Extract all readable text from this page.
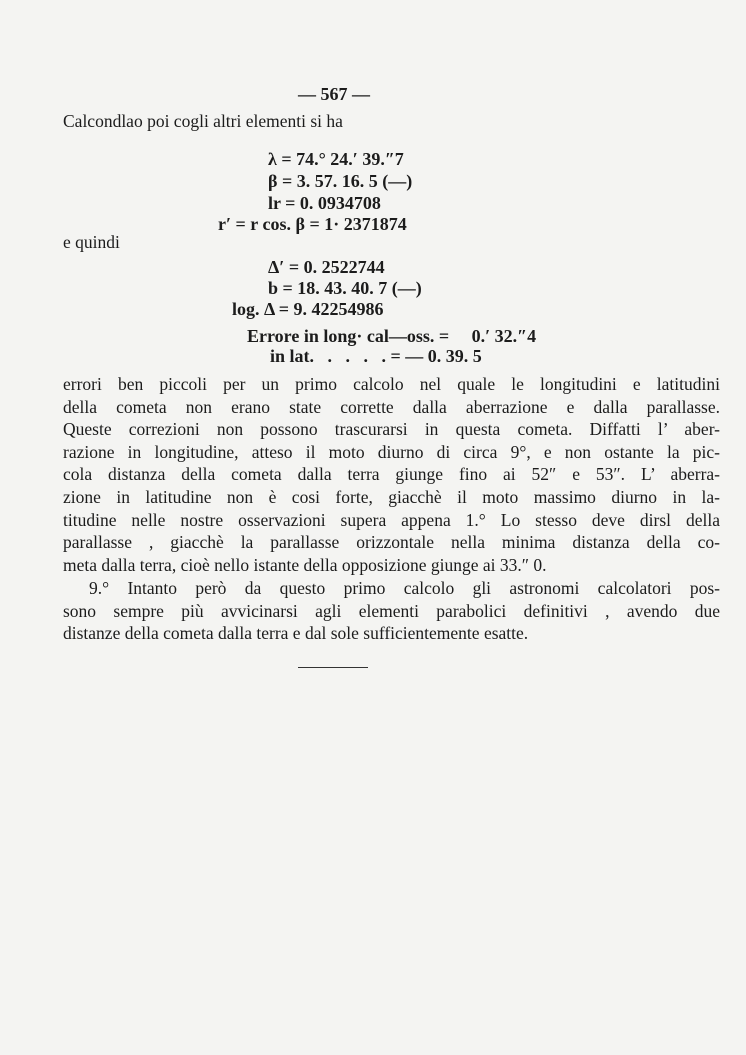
— 567 —
Calcondlao poi cogli altri elementi si ha
λ = 74.° 24.′ 39.″7
β = 3. 57. 16. 5 (—)
lr = 0. 0934708
r′ = r cos. β = 1· 2371874
e quindi
Δ′ = 0. 2522744
b = 18. 43. 40. 7 (—)
log. Δ = 9. 42254986
Errore in long· cal—oss. =     0.′ 32.″4
in lat.   .   .   .   . = — 0. 39. 5
errori ben piccoli per un primo calcolo nel quale le longitudini e latitudini
della cometa non erano state corrette dalla aberrazione e dalla parallasse.
Queste correzioni non possono trascurarsi in questa cometa. Diffatti l’ aber-
razione in longitudine, atteso il moto diurno di circa 9°, e non ostante la pic-
cola distanza della cometa dalla terra giunge fino ai 52″ e 53″. L’ aberra-
zione in latitudine non è cosi forte, giacchè il moto massimo diurno in la-
titudine nelle nostre osservazioni supera appena 1.° Lo stesso deve dirsl della
parallasse , giacchè la parallasse orizzontale nella minima distanza della co-
meta dalla terra, cioè nello istante della opposizione giunge ai 33.″ 0.
9.° Intanto però da questo primo calcolo gli astronomi calcolatori pos-
sono sempre più avvicinarsi agli elementi parabolici definitivi , avendo due
distanze della cometa dalla terra e dal sole sufficientemente esatte.
